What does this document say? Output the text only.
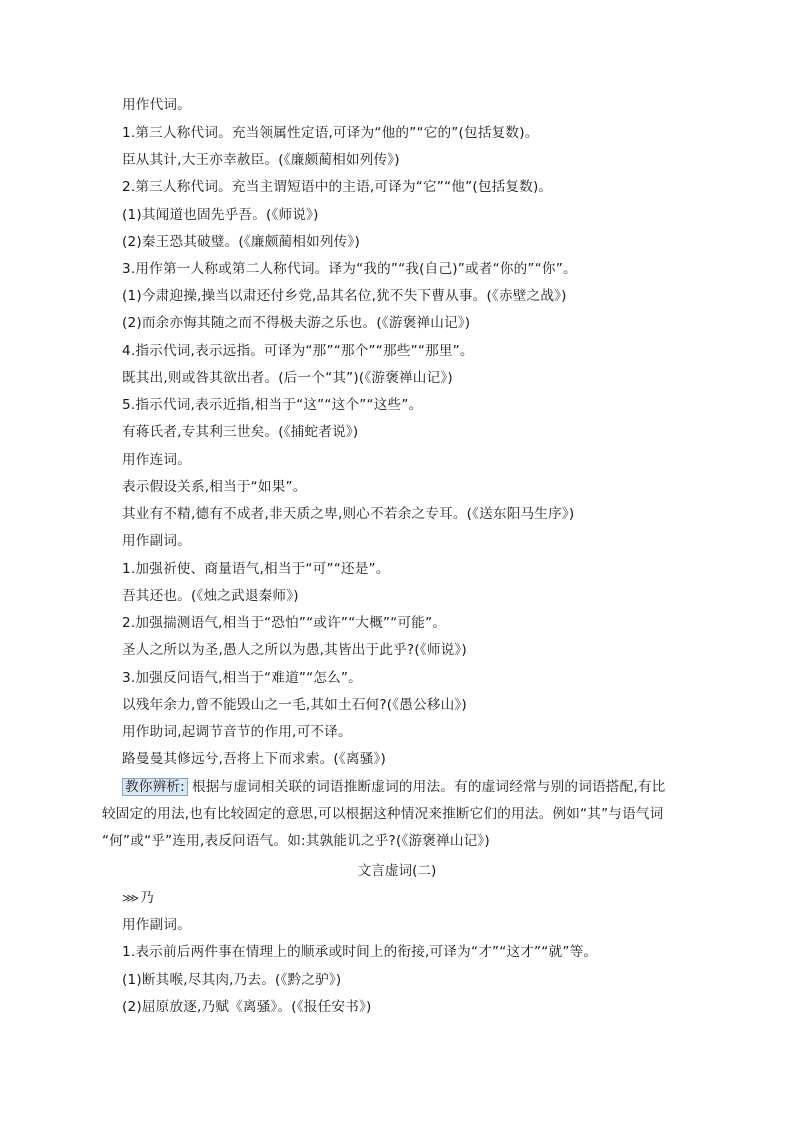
用作代词。
1.第三人称代词。充当领属性定语,可译为“他的”“它的”(包括复数)。
臣从其计,大王亦幸赦臣。(《廉颇蔺相如列传》)
2.第三人称代词。充当主谓短语中的主语,可译为“它”“他”(包括复数)。
(1)其闻道也固先乎吾。(《师说》)
(2)秦王恐其破璧。(《廉颇蔺相如列传》)
3.用作第一人称或第二人称代词。译为“我的”“我(自己)”或者“你的”“你”。
(1)今肃迎操,操当以肃还付乡党,品其名位,犹不失下曹从事。(《赤壁之战》)
(2)而余亦悔其随之而不得极夫游之乐也。(《游褒禅山记》)
4.指示代词,表示远指。可译为“那”“那个”“那些”“那里”。
既其出,则或咎其欲出者。(后一个“其”)(《游褒禅山记》)
5.指示代词,表示近指,相当于“这”“这个”“这些”。
有蒋氏者,专其利三世矣。(《捕蛇者说》)
用作连词。
表示假设关系,相当于“如果”。
其业有不精,德有不成者,非天质之卑,则心不若余之专耳。(《送东阳马生序》)
用作副词。
1.加强祈使、商量语气,相当于“可”“还是”。
吾其还也。(《烛之武退秦师》)
2.加强揣测语气,相当于“恐怕”“或许”“大概”“可能”。
圣人之所以为圣,愚人之所以为愚,其皆出于此乎?(《师说》)
3.加强反问语气,相当于“难道”“怎么”。
以残年余力,曾不能毁山之一毛,其如土石何?(《愚公移山》)
用作助词,起调节音节的作用,可不译。
路曼曼其修远兮,吾将上下而求索。(《离骚》)
教你辨析: 根据与虚词相关联的词语推断虚词的用法。有的虚词经常与别的词语搭配,有比
较固定的用法,也有比较固定的意思,可以根据这种情况来推断它们的用法。例如“其”与语气词
“何”或“乎”连用,表反问语气。如:其孰能讥之乎?(《游褒禅山记》)
文言虚词(二)
⋙乃
用作副词。
1.表示前后两件事在情理上的顺承或时间上的衔接,可译为“才”“这才”“就”等。
(1)断其喉,尽其肉,乃去。(《黔之驴》)
(2)屈原放逐,乃赋《离骚》。(《报任安书》)
